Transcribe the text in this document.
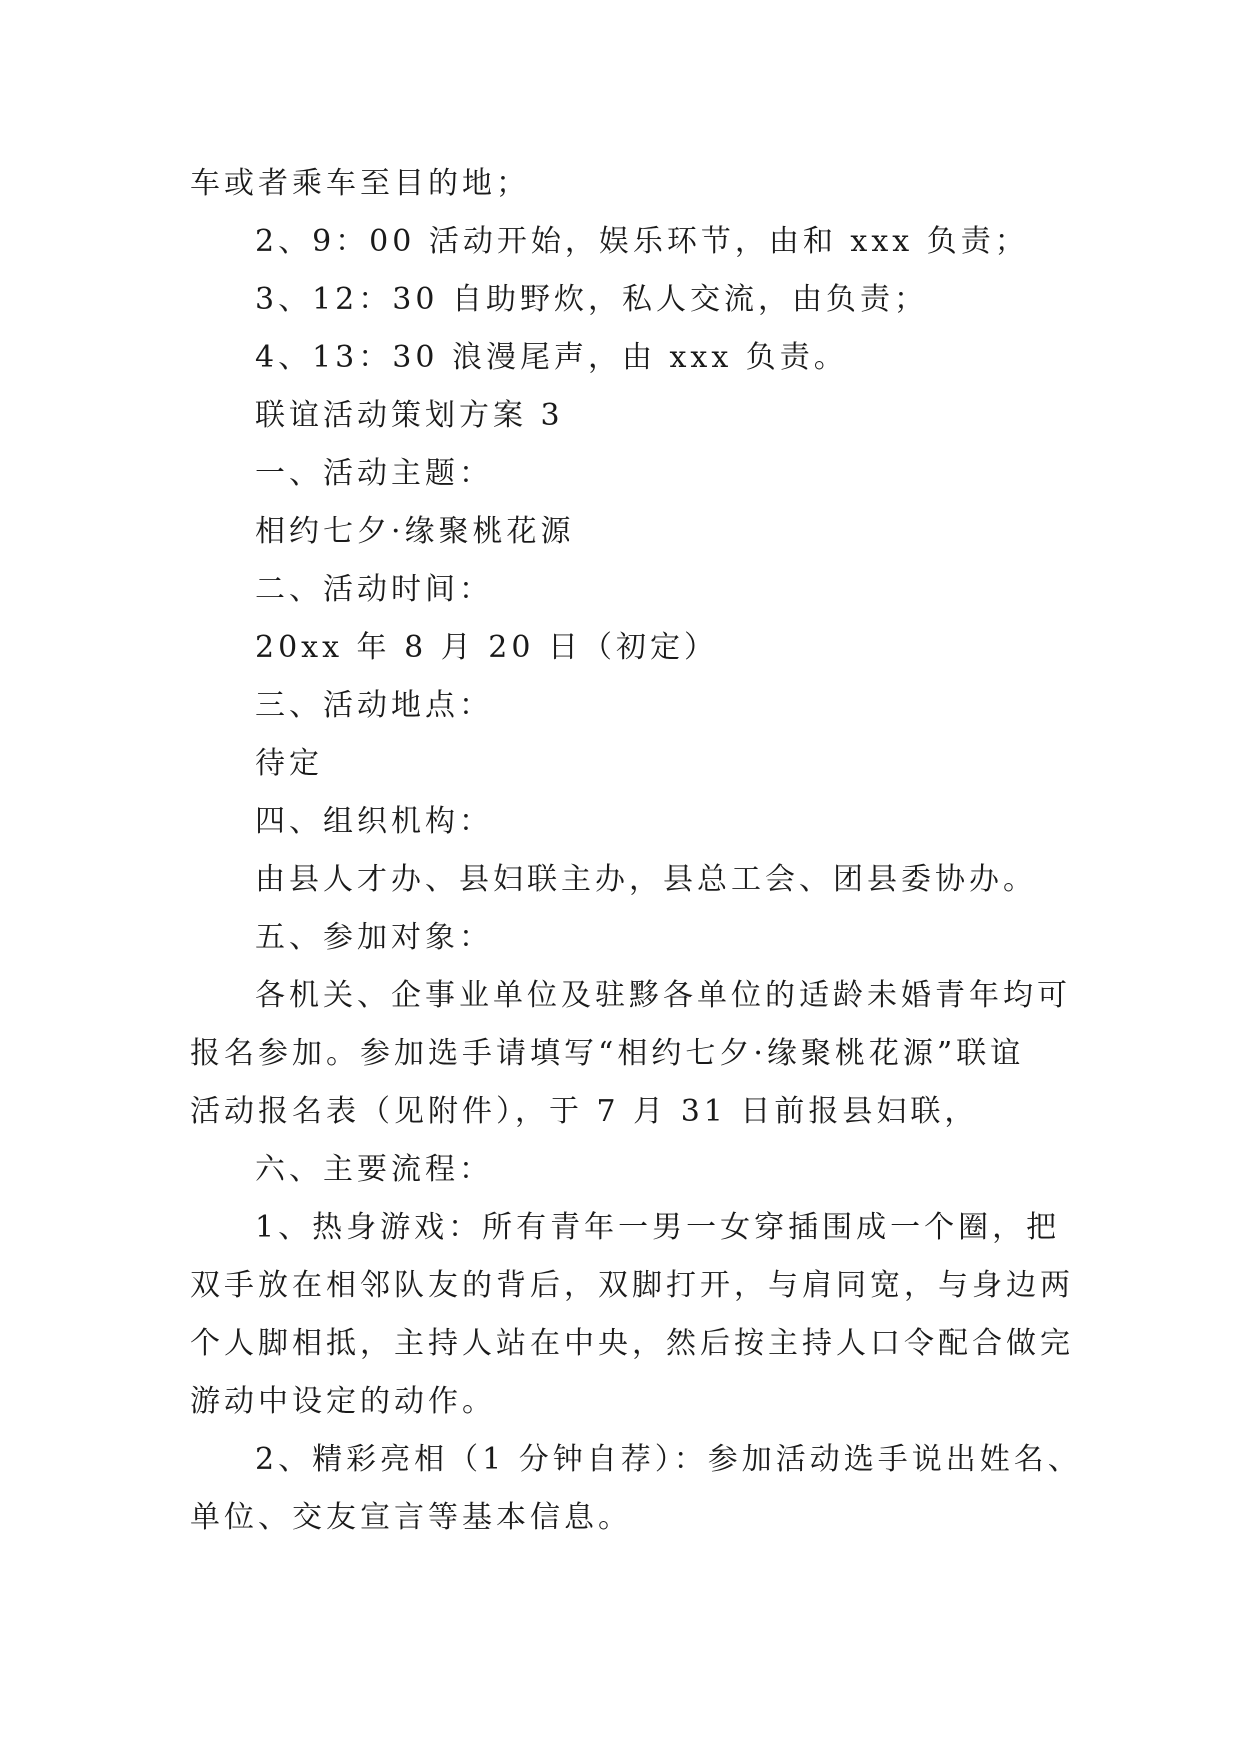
车或者乘车至目的地；
2、9：00 活动开始，娱乐环节，由和 xxx 负责；
3、12：30 自助野炊，私人交流，由负责；
4、13：30 浪漫尾声，由 xxx 负责。
联谊活动策划方案 3
一、活动主题：
相约七夕·缘聚桃花源
二、活动时间：
20xx 年 8 月 20 日（初定）
三、活动地点：
待定
四、组织机构：
由县人才办、县妇联主办，县总工会、团县委协办。
五、参加对象：
各机关、企事业单位及驻黟各单位的适龄未婚青年均可
报名参加。参加选手请填写“相约七夕·缘聚桃花源”联谊
活动报名表（见附件），于 7 月 31 日前报县妇联，
六、主要流程：
1、热身游戏：所有青年一男一女穿插围成一个圈，把
双手放在相邻队友的背后，双脚打开，与肩同宽，与身边两
个人脚相抵，主持人站在中央，然后按主持人口令配合做完
游动中设定的动作。
2、精彩亮相（1 分钟自荐）：参加活动选手说出姓名、
单位、交友宣言等基本信息。
